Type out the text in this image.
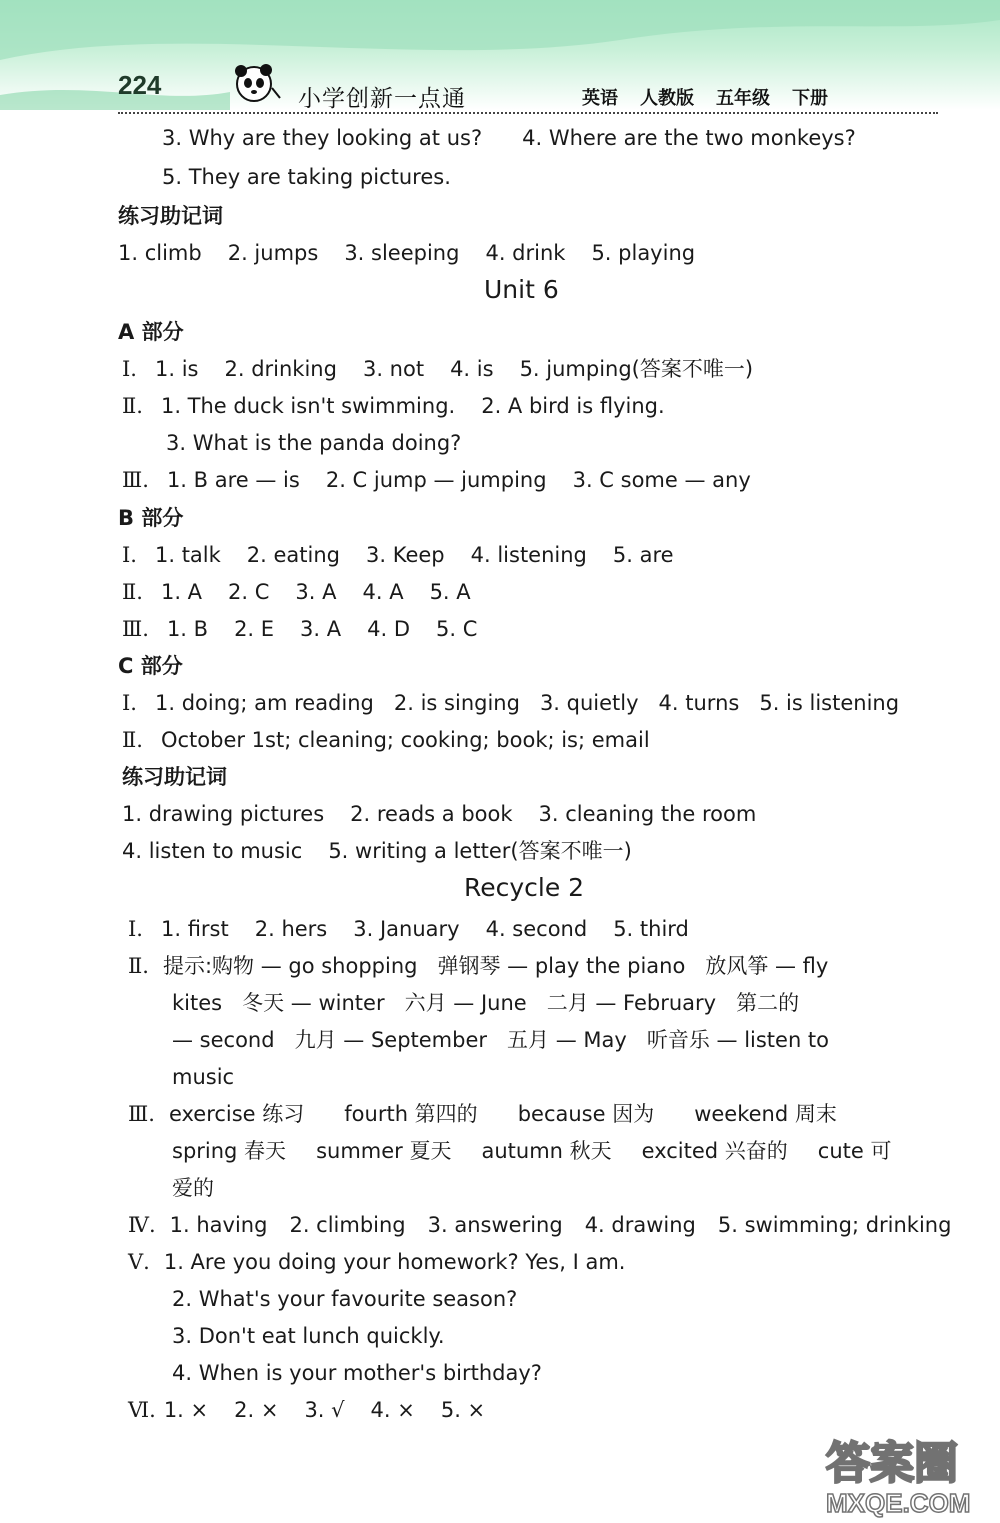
224	小学创新一点通	英语 人教版 五年级 下册
3. Why are they looking at us? 4. Where are the two monkeys?
5. They are taking pictures.
练习助记词
1. climb 2. jumps 3. sleeping 4. drink 5. playing
Unit 6
A 部分
Ⅰ. 1. is 2. drinking 3. not 4. is 5. jumping(答案不唯一)
Ⅱ. 1. The duck isn't swimming. 2. A bird is flying.
3. What is the panda doing?
Ⅲ. 1. B are — is 2. C jump — jumping 3. C some — any
B 部分
Ⅰ. 1. talk 2. eating 3. Keep 4. listening 5. are
Ⅱ. 1. A 2. C 3. A 4. A 5. A
Ⅲ. 1. B 2. E 3. A 4. D 5. C
C 部分
Ⅰ. 1. doing; am reading 2. is singing 3. quietly 4. turns 5. is listening
Ⅱ. October 1st; cleaning; cooking; book; is; email
练习助记词
1. drawing pictures 2. reads a book 3. cleaning the room
4. listen to music 5. writing a letter(答案不唯一)
Recycle 2
Ⅰ. 1. first 2. hers 3. January 4. second 5. third
Ⅱ. 提示:购物 — go shopping   弹钢琴 — play the piano   放风筝 — fly
kites   冬天 — winter   六月 — June   二月 — February   第二的
— second   九月 — September   五月 — May   听音乐 — listen to
music
Ⅲ. exercise 练习 fourth 第四的 because 因为 weekend 周末
spring 春天 summer 夏天 autumn 秋天 excited 兴奋的 cute 可
爱的
Ⅳ. 1. having 2. climbing 3. answering 4. drawing 5. swimming; drinking
Ⅴ. 1. Are you doing your homework? Yes, I am.
2. What's your favourite season?
3. Don't eat lunch quickly.
4. When is your mother's birthday?
Ⅵ. 1. × 2. × 3. √ 4. × 5. ×
答案圈
MXQE.COM
